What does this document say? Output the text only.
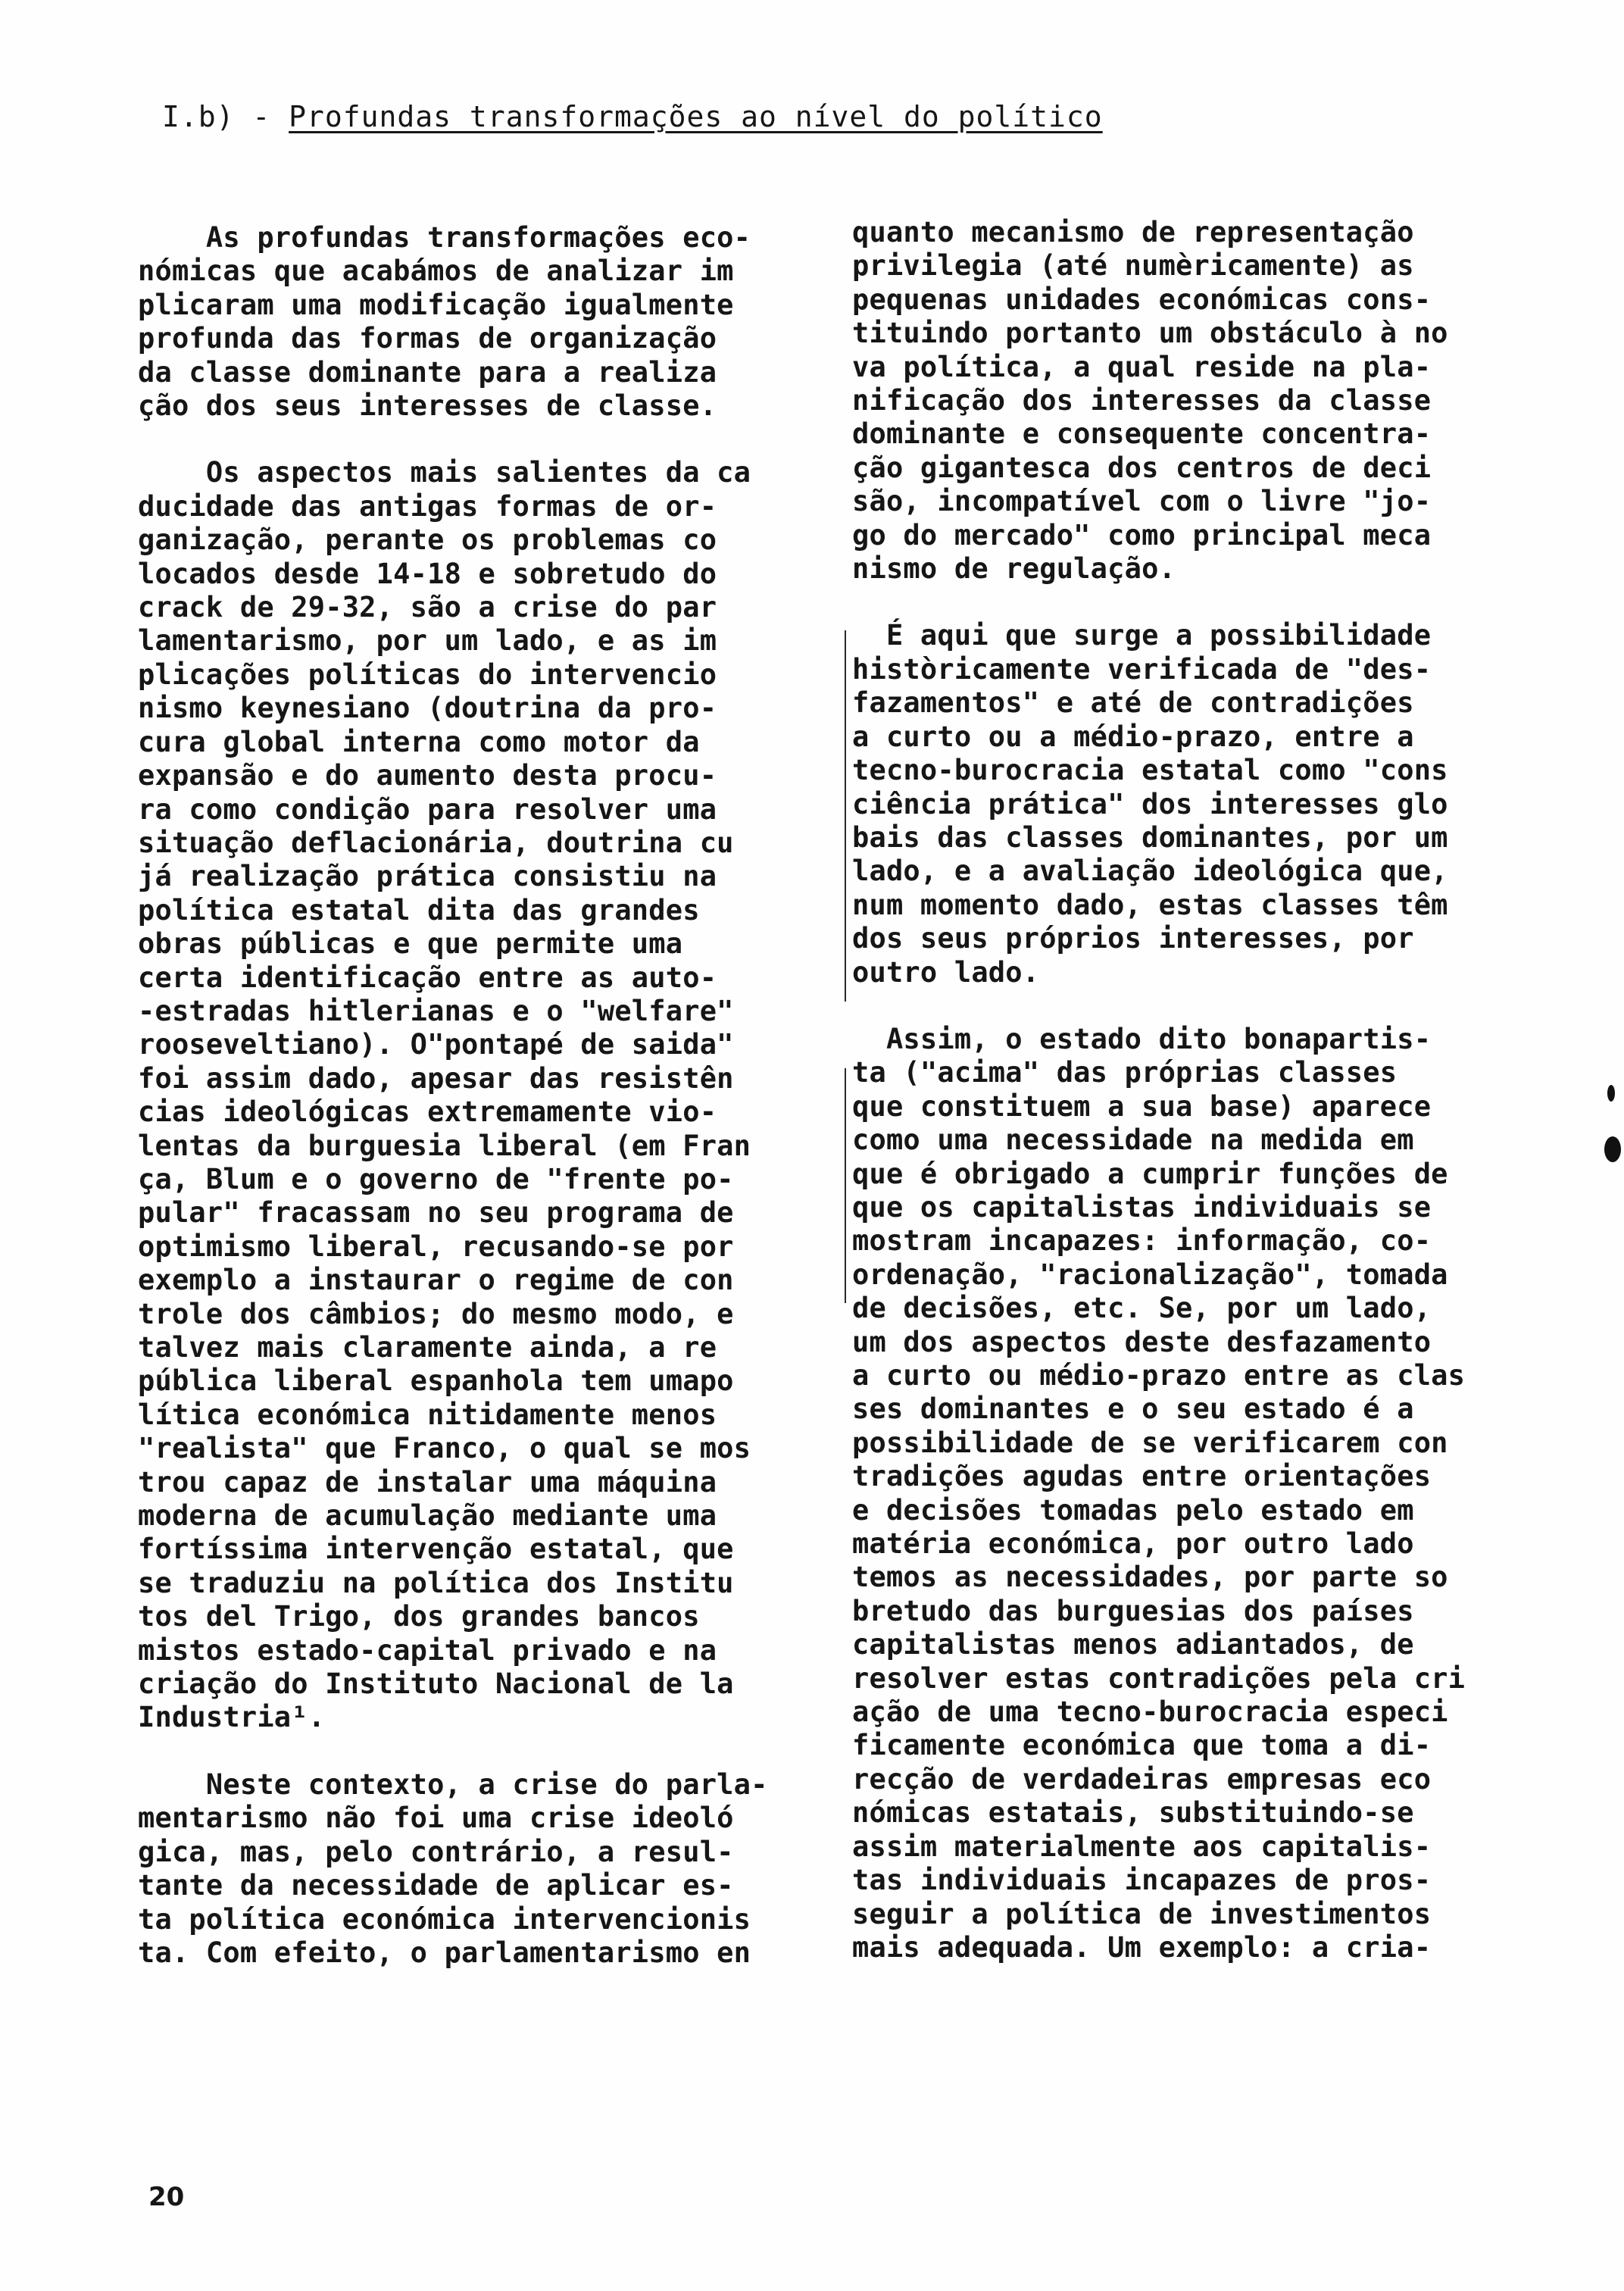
I.b) - Profundas transformações ao nível do político

As profundas transformações eco-
nómicas que acabámos de analizar im
plicaram uma modificação igualmente
profunda das formas de organização
da classe dominante para a realiza
ção dos seus interesses de classe.

Os aspectos mais salientes da ca
ducidade das antigas formas de or-
ganização, perante os problemas co
locados desde 14-18 e sobretudo do
crack de 29-32, são a crise do par
lamentarismo, por um lado, e as im
plicações políticas do intervencio
nismo keynesiano (doutrina da pro-
cura global interna como motor da
expansão e do aumento desta procu-
ra como condição para resolver uma
situação deflacionária, doutrina cu
já realização prática consistiu na
política estatal dita das grandes
obras públicas e que permite uma
certa identificação entre as auto-
-estradas hitlerianas e o "welfare"
rooseveltiano). O"pontapé de saida"
foi assim dado, apesar das resistên
cias ideológicas extremamente vio-
lentas da burguesia liberal (em Fran
ça, Blum e o governo de "frente po-
pular" fracassam no seu programa de
optimismo liberal, recusando-se por
exemplo a instaurar o regime de con
trole dos câmbios; do mesmo modo, e
talvez mais claramente ainda, a re
pública liberal espanhola tem umapo
lítica económica nitidamente menos
"realista" que Franco, o qual se mos
trou capaz de instalar uma máquina
moderna de acumulação mediante uma
fortíssima intervenção estatal, que
se traduziu na política dos Institu
tos del Trigo, dos grandes bancos
mistos estado-capital privado e na
criação do Instituto Nacional de la
Industria¹.

Neste contexto, a crise do parla-
mentarismo não foi uma crise ideoló
gica, mas, pelo contrário, a resul-
tante da necessidade de aplicar es-
ta política económica intervencionis
ta. Com efeito, o parlamentarismo en

quanto mecanismo de representação
privilegia (até numèricamente) as
pequenas unidades económicas cons-
tituindo portanto um obstáculo à no
va política, a qual reside na pla-
nificação dos interesses da classe
dominante e consequente concentra-
ção gigantesca dos centros de deci
são, incompatível com o livre "jo-
go do mercado" como principal meca
nismo de regulação.

É aqui que surge a possibilidade
històricamente verificada de "des-
fazamentos" e até de contradições
a curto ou a médio-prazo, entre a
tecno-burocracia estatal como "cons
ciência prática" dos interesses glo
bais das classes dominantes, por um
lado, e a avaliação ideológica que,
num momento dado, estas classes têm
dos seus próprios interesses, por
outro lado.

Assim, o estado dito bonapartis-
ta ("acima" das próprias classes
que constituem a sua base) aparece
como uma necessidade na medida em
que é obrigado a cumprir funções de
que os capitalistas individuais se
mostram incapazes: informação, co-
ordenação, "racionalização", tomada
de decisões, etc. Se, por um lado,
um dos aspectos deste desfazamento
a curto ou médio-prazo entre as clas
ses dominantes e o seu estado é a
possibilidade de se verificarem con
tradições agudas entre orientações
e decisões tomadas pelo estado em
matéria económica, por outro lado
temos as necessidades, por parte so
bretudo das burguesias dos países
capitalistas menos adiantados, de
resolver estas contradições pela cri
ação de uma tecno-burocracia especi
ficamente económica que toma a di-
recção de verdadeiras empresas eco
nómicas estatais, substituindo-se
assim materialmente aos capitalis-
tas individuais incapazes de pros-
seguir a política de investimentos
mais adequada. Um exemplo: a cria-

20
